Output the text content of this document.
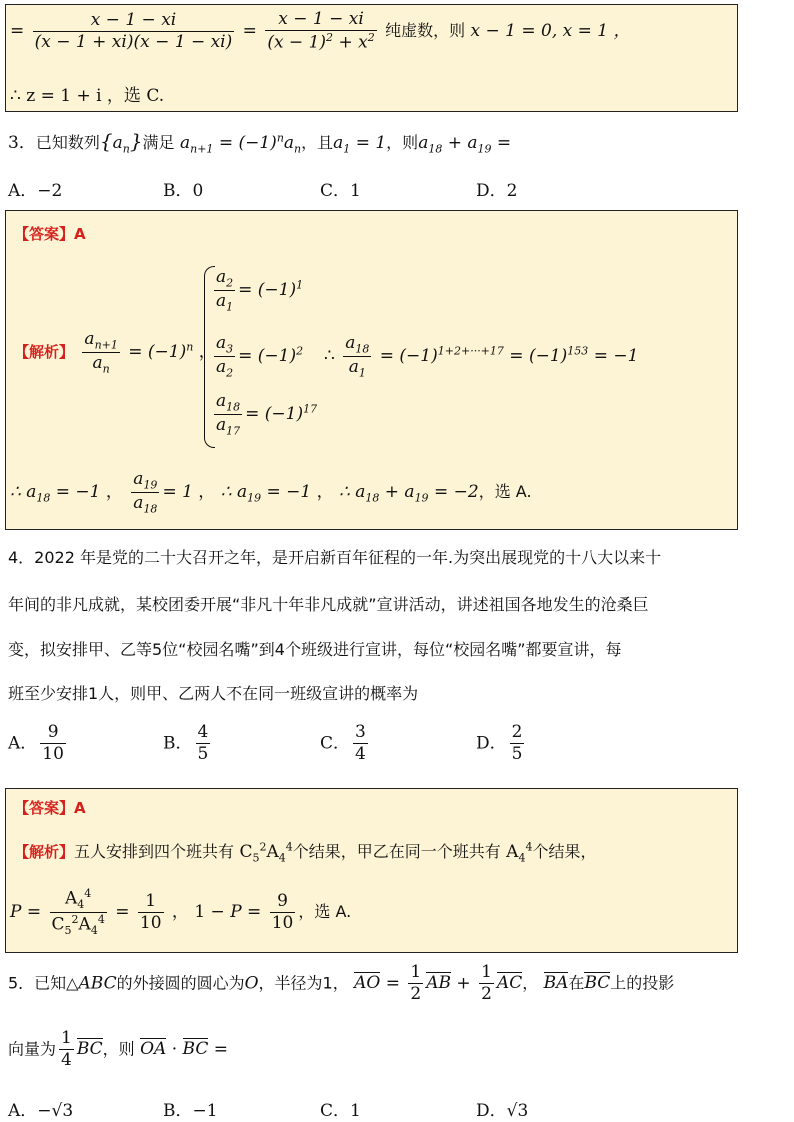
= $\frac{x - 1 - xi}{(x - 1 + xi)(x - 1 - xi)} = \frac{x - 1 - xi}{(x - 1)^2 + x^2}$ 纯虚数，则 x − 1 = 0, x = 1 ，
∴ z = 1 + i ，选 C.
3．已知数列$\{a_n\}$满足 $a_{n+1} = (-1)^na_n$，且$a_1 = 1$，则$a_{18} + a_{19}$ =
A．−2	B．0	C．1	D．2
【答案】A
【解析】 $\frac{a_{n+1}}{a_n} = (-1)^n$ ，
$\frac{a_2}{a_1} = (-1)^1$
$\frac{a_3}{a_2} = (-1)^2$
$\frac{a_{18}}{a_{17}} = (-1)^{17}$
∴ $\frac{a_{18}}{a_1} = (-1)^{1+2+\cdot\cdot\cdot+17} = (-1)^{153} = -1$
∴ $a_{18} = -1$ ， $\frac{a_{19}}{a_{18}} = 1$ ， ∴ $a_{19} = -1$ ， ∴ $a_{18} + a_{19} = -2$，选 A.
4．2022 年是党的二十大召开之年，是开启新百年征程的一年.为突出展现党的十八大以来十
年间的非凡成就，某校团委开展“非凡十年非凡成就”宣讲活动，讲述祖国各地发生的沧桑巨
变，拟安排甲、乙等5位“校园名嘴”到4个班级进行宣讲，每位“校园名嘴”都要宣讲，每
班至少安排1人，则甲、乙两人不在同一班级宣讲的概率为
A． $\frac{9}{10}$	B． $\frac{4}{5}$	C． $\frac{3}{4}$	D． $\frac{2}{5}$
【答案】A
【解析】五人安排到四个班共有 $C_5^2A_4^4$个结果，甲乙在同一个班共有 $A_4^4$个结果，
$P = \frac{A_4^4}{C_5^2A_4^4} = \frac{1}{10}$ ， $1 - P = \frac{9}{10}$ ，选 A.
5．已知△ABC的外接圆的圆心为O，半径为1， AO = $\frac{1}{2}$ AB + $\frac{1}{2}$ AC， BA在BC上的投影
向量为 $\frac{1}{4}$ BC，则 OA · BC =
A．−√3	B．−1	C．1	D．√3
